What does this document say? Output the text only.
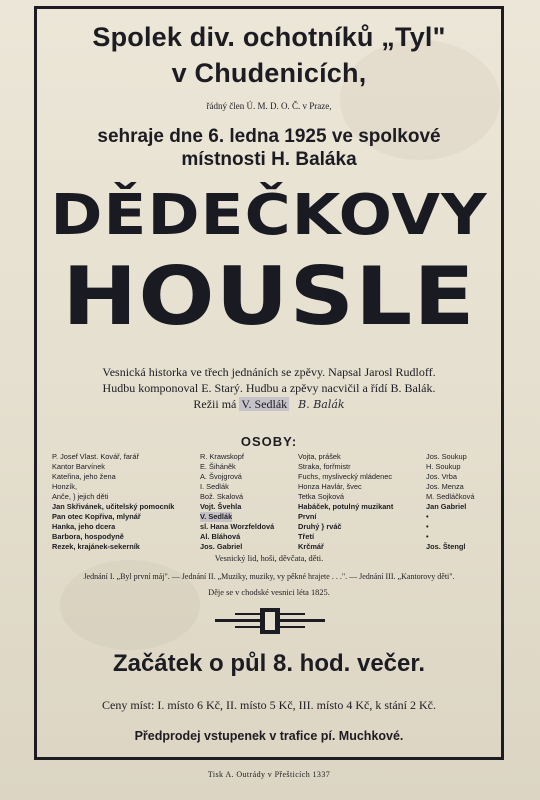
Spolek div. ochotníků „Tyl"
v Chudenicích,
řádný člen Ú. M. D. O. Č. v Praze,
sehraje dne 6. ledna 1925 ve spolkové
místnosti H. Baláka
DĚDEČKOVY
HOUSLE
Vesnická historka ve třech jednáních se zpěvy. Napsal Jarosl Rudloff.
Hudbu komponoval E. Starý. Hudbu a zpěvy nacvičil a řídí B. Balák.
Režii má V. Sedlák B. Balák
OSOBY:
P. Josef Vlast. Kovář, farář	R. Krawskopf	Vojta, prášek	Jos. Soukup
Kantor Barvínek	E. Šiháněk	Straka, forřmistr	H. Soukup
Kateřina, jeho žena	A. Švojgrová	Fuchs, myslivecký mládenec	Jos. Vrba
Honzík,	I. Sedlák	Honza Havlár, švec	Jos. Menza
Anče, } jejich děti	Bož. Skalová	Tetka Sojková	M. Sedláčková
Jan Skřivánek, učitelský pomocník	Vojt. Švehla	Habáček, potulný muzikant	Jan Gabriel
Pan otec Kopřiva, mlynář	V. Sedlák	První	•
Hanka, jeho dcera	sl. Hana Worzfeldová	Druhý } rváč	•
Barbora, hospodyně	Al. Bláhová	Třetí	•
Rezek, krajánek-sekerník	Jos. Gabriel	Krčmář	Jos. Štengl
Vesnický lid, hoši, děvčata, děti.
Jednání I. „Byl první máj". — Jednání II. „Muziky, muziky, vy pěkné hrajete . . .". — Jednání III. „Kantorovy děti".
Děje se v chodské vesnici léta 1825.
Začátek o půl 8. hod. večer.
Ceny míst: I. místo 6 Kč, II. místo 5 Kč, III. místo 4 Kč, k stání 2 Kč.
Předprodej vstupenek v trafice pí. Muchkové.
Tisk A. Outrády v Přešticích 1337
